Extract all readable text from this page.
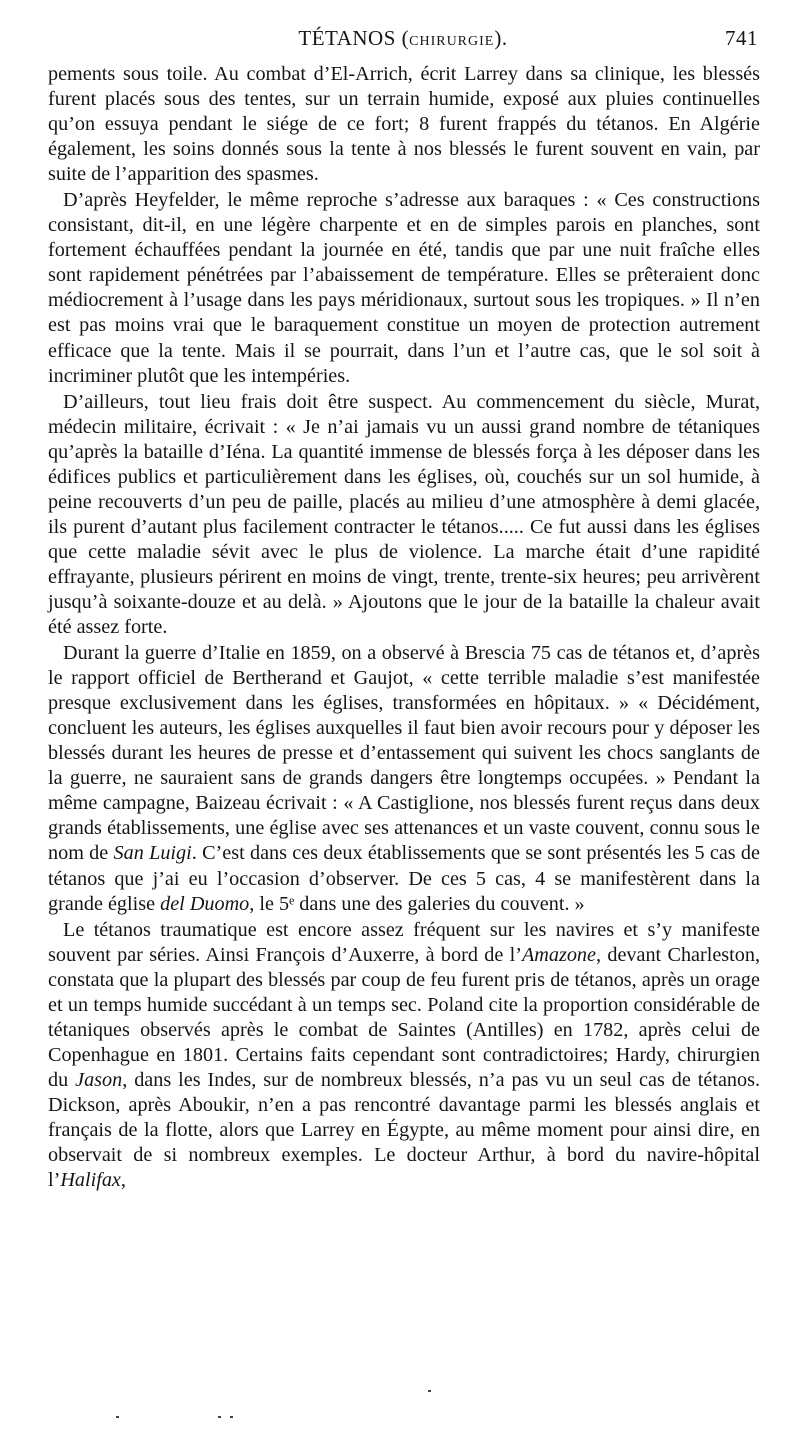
TÉTANOS (CHIRURGIE).	741

pements sous toile. Au combat d’El-Arrich, écrit Larrey dans sa clinique, les blessés furent placés sous des tentes, sur un terrain humide, exposé aux pluies continuelles qu’on essuya pendant le siége de ce fort; 8 furent frappés du tétanos. En Algérie également, les soins donnés sous la tente à nos blessés le furent souvent en vain, par suite de l’apparition des spasmes.

D’après Heyfelder, le même reproche s’adresse aux baraques : « Ces constructions consistant, dit-il, en une légère charpente et en de simples parois en planches, sont fortement échauffées pendant la journée en été, tandis que par une nuit fraîche elles sont rapidement pénétrées par l’abaissement de température. Elles se prêteraient donc médiocrement à l’usage dans les pays méridionaux, surtout sous les tropiques. » Il n’en est pas moins vrai que le baraquement constitue un moyen de protection autrement efficace que la tente. Mais il se pourrait, dans l’un et l’autre cas, que le sol soit à incriminer plutôt que les intempéries.

D’ailleurs, tout lieu frais doit être suspect. Au commencement du siècle, Murat, médecin militaire, écrivait : « Je n’ai jamais vu un aussi grand nombre de tétaniques qu’après la bataille d’Iéna. La quantité immense de blessés força à les déposer dans les édifices publics et particulièrement dans les églises, où, couchés sur un sol humide, à peine recouverts d’un peu de paille, placés au milieu d’une atmosphère à demi glacée, ils purent d’autant plus facilement contracter le tétanos..... Ce fut aussi dans les églises que cette maladie sévit avec le plus de violence. La marche était d’une rapidité effrayante, plusieurs périrent en moins de vingt, trente, trente-six heures; peu arrivèrent jusqu’à soixante-douze et au delà. » Ajoutons que le jour de la bataille la chaleur avait été assez forte.

Durant la guerre d’Italie en 1859, on a observé à Brescia 75 cas de tétanos et, d’après le rapport officiel de Bertherand et Gaujot, « cette terrible maladie s’est manifestée presque exclusivement dans les églises, transformées en hôpitaux. » « Décidément, concluent les auteurs, les églises auxquelles il faut bien avoir recours pour y déposer les blessés durant les heures de presse et d’entassement qui suivent les chocs sanglants de la guerre, ne sauraient sans de grands dangers être longtemps occupées. » Pendant la même campagne, Baizeau écrivait : « A Castiglione, nos blessés furent reçus dans deux grands établissements, une église avec ses attenances et un vaste couvent, connu sous le nom de San Luigi. C’est dans ces deux établissements que se sont présentés les 5 cas de tétanos que j’ai eu l’occasion d’observer. De ces 5 cas, 4 se manifestèrent dans la grande église del Duomo, le 5ᵉ dans une des galeries du couvent. »

Le tétanos traumatique est encore assez fréquent sur les navires et s’y manifeste souvent par séries. Ainsi François d’Auxerre, à bord de l’Amazone, devant Charleston, constata que la plupart des blessés par coup de feu furent pris de tétanos, après un orage et un temps humide succédant à un temps sec. Poland cite la proportion considérable de tétaniques observés après le combat de Saintes (Antilles) en 1782, après celui de Copenhague en 1801. Certains faits cependant sont contradictoires; Hardy, chirurgien du Jason, dans les Indes, sur de nombreux blessés, n’a pas vu un seul cas de tétanos. Dickson, après Aboukir, n’en a pas rencontré davantage parmi les blessés anglais et français de la flotte, alors que Larrey en Égypte, au même moment pour ainsi dire, en observait de si nombreux exemples. Le docteur Arthur, à bord du navire-hôpital l’Halifax,
